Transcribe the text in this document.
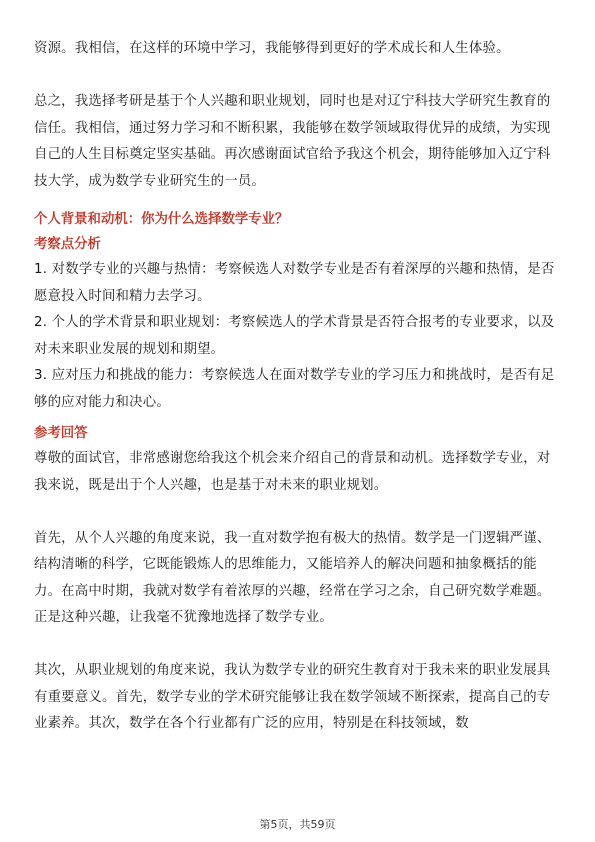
资源。我相信，在这样的环境中学习，我能够得到更好的学术成长和人生体验。

总之，我选择考研是基于个人兴趣和职业规划，同时也是对辽宁科技大学研究生教育的信任。我相信，通过努力学习和不断积累，我能够在数学领域取得优异的成绩，为实现自己的人生目标奠定坚实基础。再次感谢面试官给予我这个机会，期待能够加入辽宁科技大学，成为数学专业研究生的一员。

个人背景和动机：你为什么选择数学专业？

考察点分析

1. 对数学专业的兴趣与热情：考察候选人对数学专业是否有着深厚的兴趣和热情，是否愿意投入时间和精力去学习。

2. 个人的学术背景和职业规划：考察候选人的学术背景是否符合报考的专业要求，以及对未来职业发展的规划和期望。

3. 应对压力和挑战的能力：考察候选人在面对数学专业的学习压力和挑战时，是否有足够的应对能力和决心。

参考回答

尊敬的面试官，非常感谢您给我这个机会来介绍自己的背景和动机。选择数学专业，对我来说，既是出于个人兴趣，也是基于对未来的职业规划。

首先，从个人兴趣的角度来说，我一直对数学抱有极大的热情。数学是一门逻辑严谨、结构清晰的科学，它既能锻炼人的思维能力，又能培养人的解决问题和抽象概括的能力。在高中时期，我就对数学有着浓厚的兴趣，经常在学习之余，自己研究数学难题。正是这种兴趣，让我毫不犹豫地选择了数学专业。

其次，从职业规划的角度来说，我认为数学专业的研究生教育对于我未来的职业发展具有重要意义。首先，数学专业的学术研究能够让我在数学领域不断探索，提高自己的专业素养。其次，数学在各个行业都有广泛的应用，特别是在科技领域，数

第5页，共59页
